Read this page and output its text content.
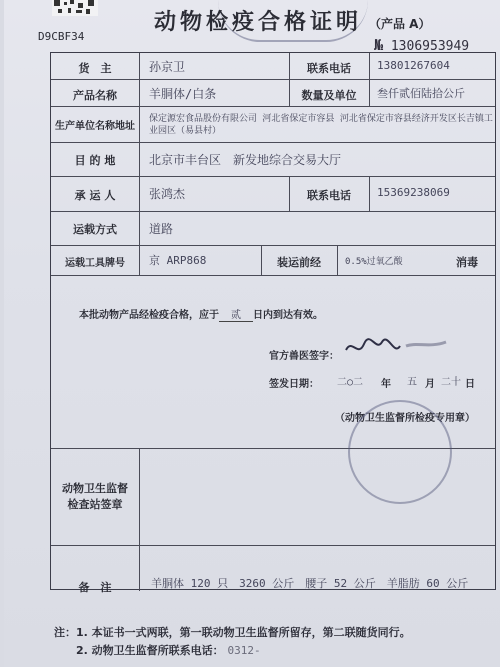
动物检疫合格证明 （产品 A）
D9CBF34	№ 1306953949
货　主	孙京卫	联系电话	13801267604
产品名称	羊胴体/白条	数量及单位	叁仟贰佰陆拾公斤
生产单位名称地址
保定源宏食品股份有限公司 河北省保定市容县 河北省保定市容县经济开发区长吉镇工业园区（易县村）
目 的 地	北京市丰台区　新发地综合交易大厅
承 运 人	张鸿杰	联系电话	15369238069
运载方式	道路
运载工具牌号	京 ARP868	装运前经	0.5%过氧乙酸	消毒
本批动物产品经检疫合格，应于 贰 日内到达有效。
官方兽医签字：
签发日期： 二○二 年 五 月 二十 日
（动物卫生监督所检疫专用章）
动物卫生监督
检查站签章
备　注	羊胴体 120 只　3260 公斤　腰子 52 公斤　羊脂肪 60 公斤
注：1. 本证书一式两联，第一联动物卫生监督所留存，第二联随货同行。
2. 动物卫生监督所联系电话： 0312-
